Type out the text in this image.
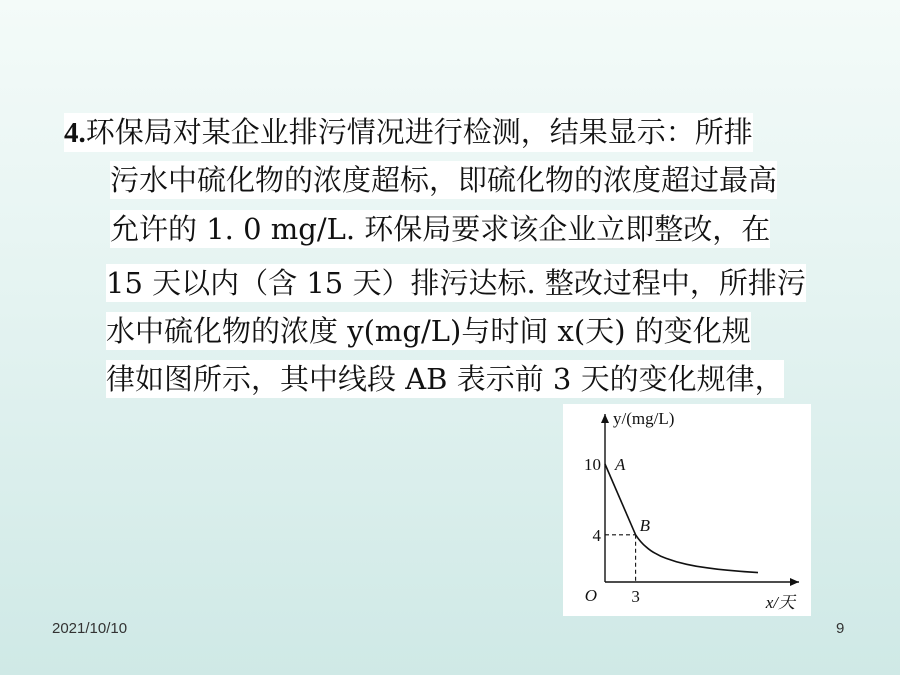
4.环保局对某企业排污情况进行检测，结果显示：所排
污水中硫化物的浓度超标，即硫化物的浓度超过最高
允许的 1. 0 mg/L. 环保局要求该企业立即整改，在
15 天以内（含 15 天）排污达标. 整改过程中，所排污
水中硫化物的浓度 y(mg/L)与时间 x(天) 的变化规
律如图所示，其中线段 AB 表示前 3 天的变化规律，
10
4
3
O
A
B
y/(mg/L)
x/天
2021/10/10	9
